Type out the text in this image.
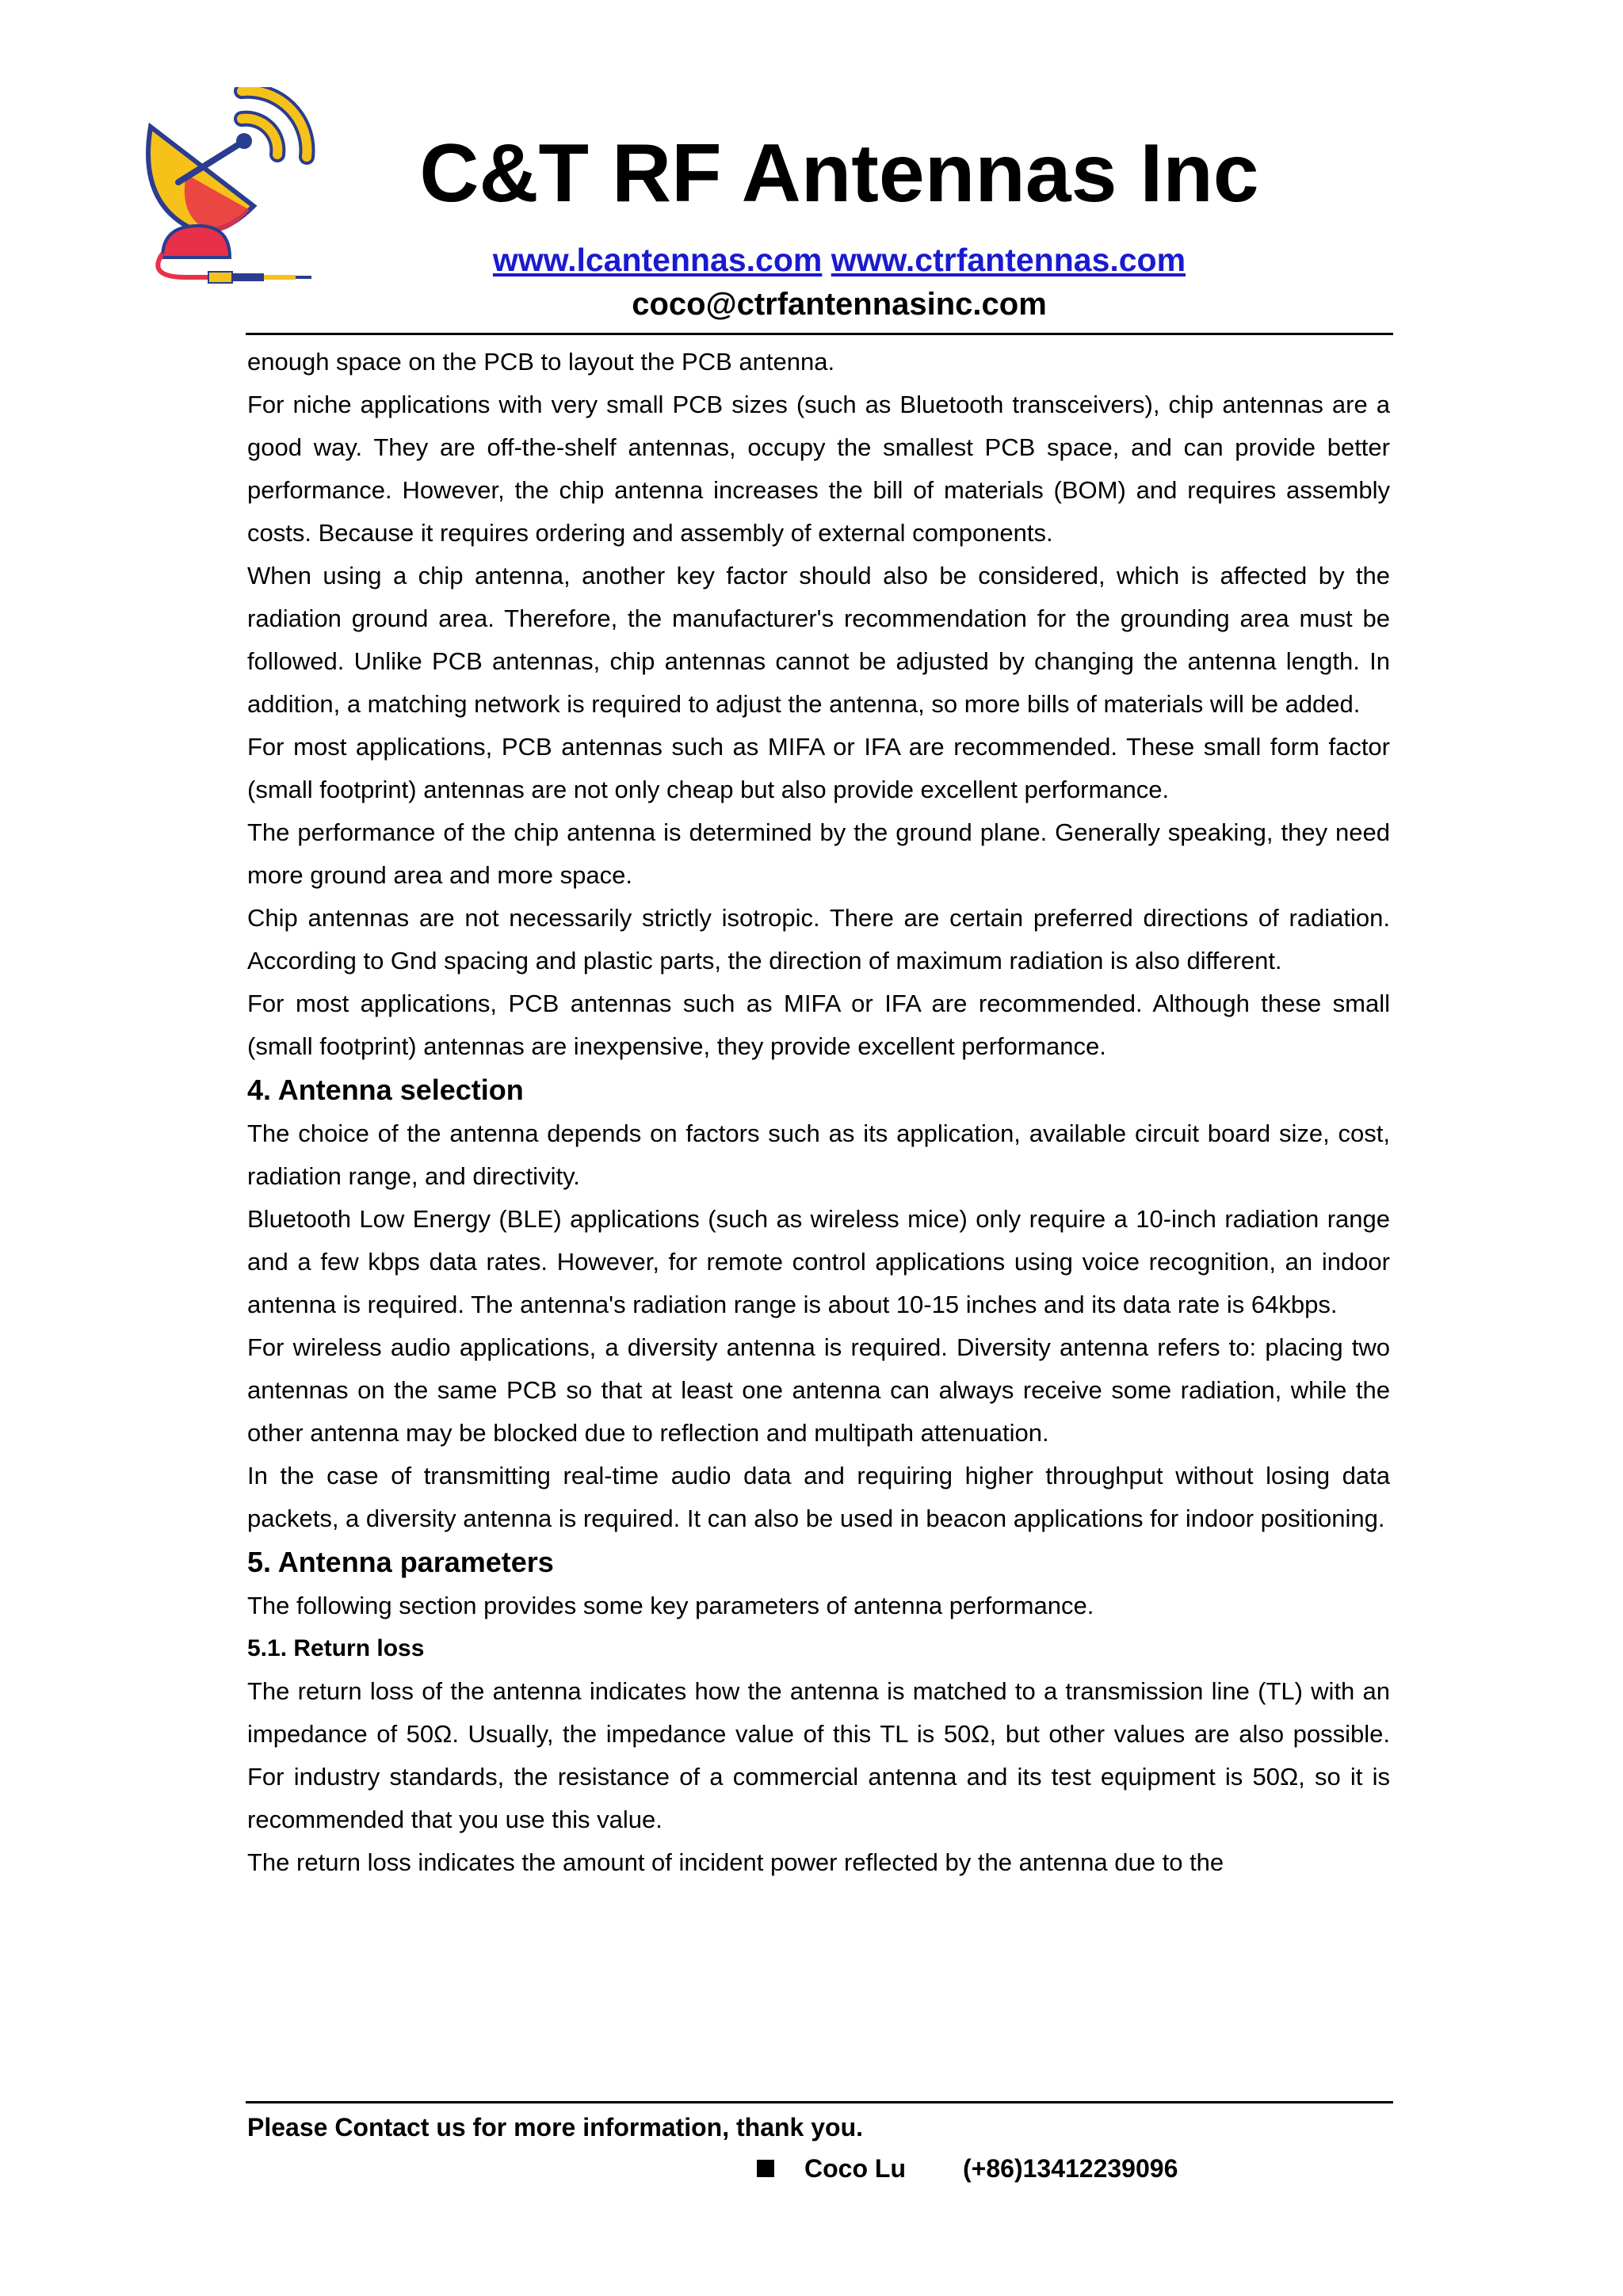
C&T RF Antennas Inc
www.lcantennas.com www.ctrfantennas.com
coco@ctrfantennasinc.com

enough space on the PCB to layout the PCB antenna.

For niche applications with very small PCB sizes (such as Bluetooth transceivers), chip antennas are a good way. They are off-the-shelf antennas, occupy the smallest PCB space, and can provide better performance. However, the chip antenna increases the bill of materials (BOM) and requires assembly costs. Because it requires ordering and assembly of external components.

When using a chip antenna, another key factor should also be considered, which is affected by the radiation ground area. Therefore, the manufacturer's recommendation for the grounding area must be followed. Unlike PCB antennas, chip antennas cannot be adjusted by changing the antenna length. In addition, a matching network is required to adjust the antenna, so more bills of materials will be added.

For most applications, PCB antennas such as MIFA or IFA are recommended. These small form factor (small footprint) antennas are not only cheap but also provide excellent performance.

The performance of the chip antenna is determined by the ground plane. Generally speaking, they need more ground area and more space.

Chip antennas are not necessarily strictly isotropic. There are certain preferred directions of radiation. According to Gnd spacing and plastic parts, the direction of maximum radiation is also different.

For most applications, PCB antennas such as MIFA or IFA are recommended. Although these small (small footprint) antennas are inexpensive, they provide excellent performance.

4. Antenna selection

The choice of the antenna depends on factors such as its application, available circuit board size, cost, radiation range, and directivity.

Bluetooth Low Energy (BLE) applications (such as wireless mice) only require a 10-inch radiation range and a few kbps data rates. However, for remote control applications using voice recognition, an indoor antenna is required. The antenna's radiation range is about 10-15 inches and its data rate is 64kbps.

For wireless audio applications, a diversity antenna is required. Diversity antenna refers to: placing two antennas on the same PCB so that at least one antenna can always receive some radiation, while the other antenna may be blocked due to reflection and multipath attenuation.

In the case of transmitting real-time audio data and requiring higher throughput without losing data packets, a diversity antenna is required. It can also be used in beacon applications for indoor positioning.

5. Antenna parameters

The following section provides some key parameters of antenna performance.

5.1. Return loss

The return loss of the antenna indicates how the antenna is matched to a transmission line (TL) with an impedance of 50Ω. Usually, the impedance value of this TL is 50Ω, but other values are also possible. For industry standards, the resistance of a commercial antenna and its test equipment is 50Ω, so it is recommended that you use this value.

The return loss indicates the amount of incident power reflected by the antenna due to the

Please Contact us for more information, thank you.
Coco Lu	(+86)13412239096
